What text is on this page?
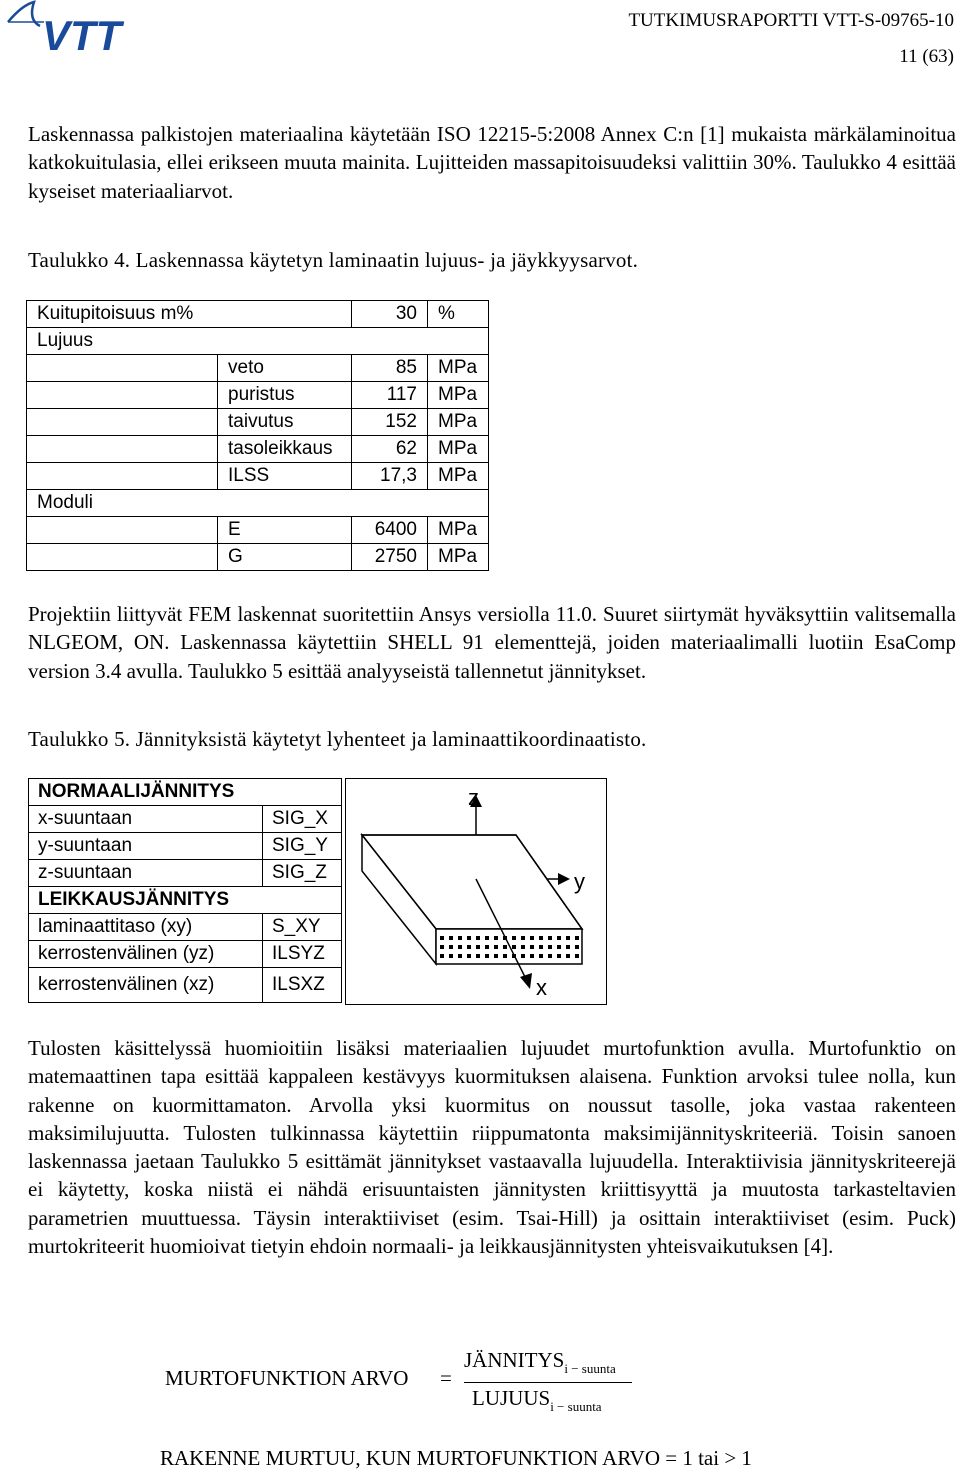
VTT	TUTKIMUSRAPORTTI VTT-S-09765-10
11 (63)

Laskennassa palkistojen materiaalina käytetään ISO 12215-5:2008 Annex C:n [1] mukaista märkälaminoitua katkokuitulasia, ellei erikseen muuta mainita. Lujitteiden massapitoisuudeksi valittiin 30%. Taulukko 4 esittää kyseiset materiaaliarvot.

Taulukko 4. Laskennassa käytetyn laminaatin lujuus- ja jäykkyysarvot.
Kuitupitoisuus m%		30	%
Lujuus			
	veto	85	MPa
	puristus	117	MPa
	taivutus	152	MPa
	tasoleikkaus	62	MPa
	ILSS	17,3	MPa
Moduli			
	E	6400	MPa
	G	2750	MPa

Projektiin liittyvät FEM laskennat suoritettiin Ansys versiolla 11.0. Suuret siirtymät hyväksyttiin valitsemalla NLGEOM, ON. Laskennassa käytettiin SHELL 91 elementtejä, joiden materiaalimalli luotiin EsaComp version 3.4 avulla. Taulukko 5 esittää analyyseistä tallennetut jännitykset.

Taulukko 5. Jännityksistä käytetyt lyhenteet ja laminaattikoordinaatisto.
NORMAALIJÄNNITYS	
x-suuntaan	SIG_X
y-suuntaan	SIG_Y
z-suuntaan	SIG_Z
LEIKKAUSJÄNNITYS	
laminaattitaso (xy)	S_XY
kerrostenvälinen (yz)	ILSYZ
kerrostenvälinen (xz)	ILSXZ
z
y
x

Tulosten käsittelyssä huomioitiin lisäksi materiaalien lujuudet murtofunktion avulla. Murtofunktio on matemaattinen tapa esittää kappaleen kestävyys kuormituksen alaisena. Funktion arvoksi tulee nolla, kun rakenne on kuormittamaton. Arvolla yksi kuormitus on noussut tasolle, joka vastaa rakenteen maksimilujuutta. Tulosten tulkinnassa käytettiin riippumatonta maksimijännityskriteeriä. Toisin sanoen laskennassa jaetaan Taulukko 5 esittämät jännitykset vastaavalla lujuudella. Interaktiivisia jännityskriteerejä ei käytetty, koska niistä ei nähdä erisuuntaisten jännitysten kriittisyyttä ja muutosta tarkasteltavien parametrien muuttuessa. Täysin interaktiiviset (esim. Tsai-Hill) ja osittain interaktiiviset (esim. Puck) murtokriteerit huomioivat tietyin ehdoin normaali- ja leikkausjännitysten yhteisvaikutuksen [4].

MURTOFUNKTION ARVO =
$JÄNNITYS_{i - suunta}$
$LUJUUS_{i - suunta}$
RAKENNE MURTUU, KUN MURTOFUNKTION ARVO = 1 tai > 1
